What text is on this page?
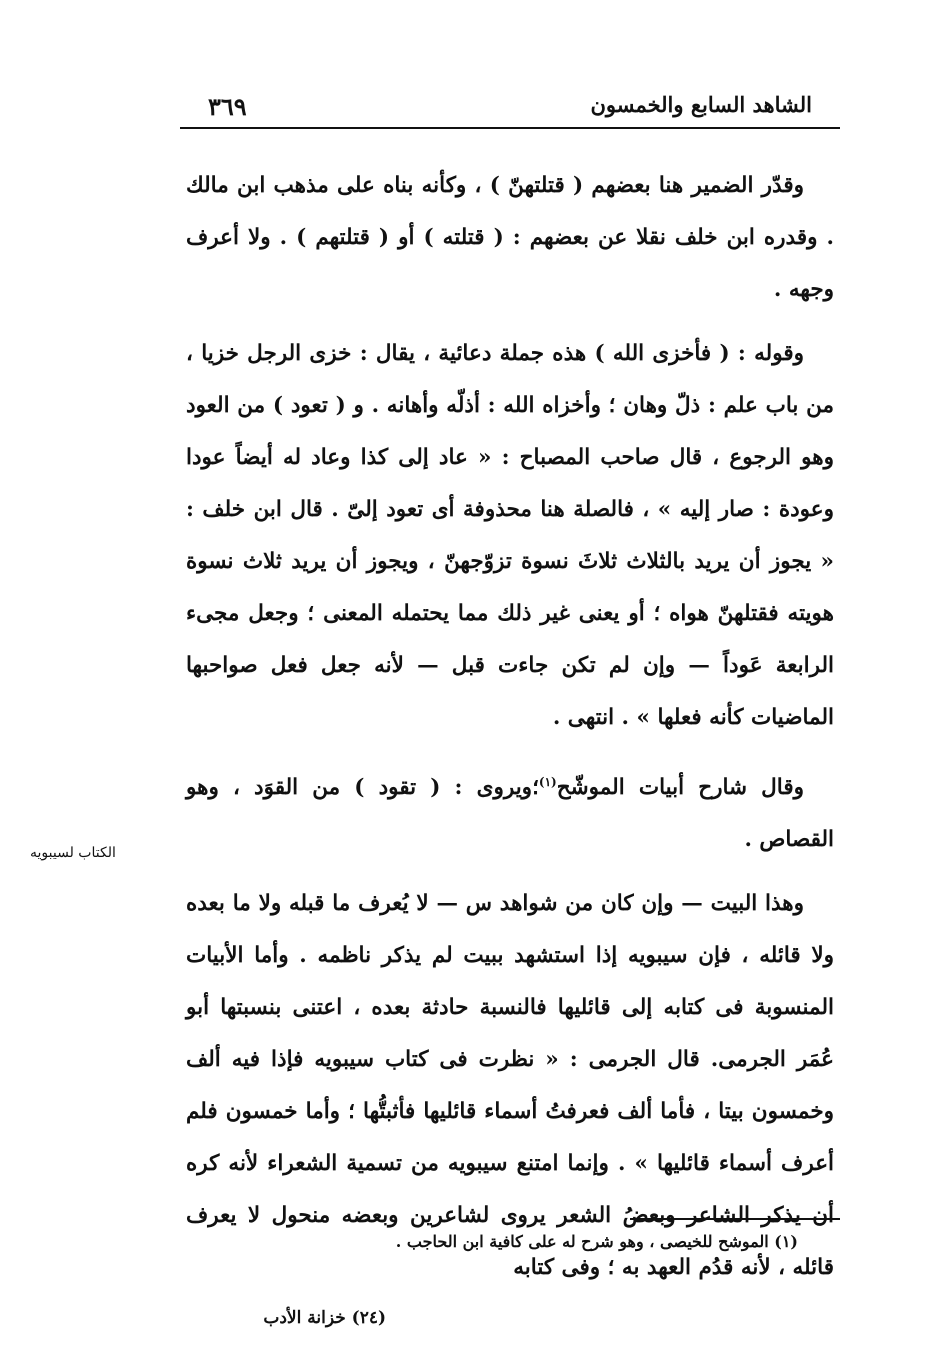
الشاهد السابع والخمسون
٣٦٩

وقدّر الضمير هنا بعضهم ( قتلتهنّ ) ، وكأنه بناه على مذهب ابن مالك . وقدره ابن خلف نقلا عن بعضهم : ( قتلته ) أو ( قتلتهم ) . ولا أعرف وجهه .

وقوله : ( فأخزى الله ) هذه جملة دعائية ، يقال : خزى الرجل خزيا ، من باب علم : ذلّ وهان ؛ وأخزاه الله : أذلّه وأهانه . و ( تعود ) من العود وهو الرجوع ، قال صاحب المصباح : « عاد إلى كذا وعاد له أيضاً عودا وعودة : صار إليه » ، فالصلة هنا محذوفة أى تعود إلىّ . قال ابن خلف : « يجوز أن يريد بالثلاث ثلاثَ نسوة تزوّجهنّ ، ويجوز أن يريد ثلاث نسوة هويته فقتلهنّ هواه ؛ أو يعنى غير ذلك مما يحتمله المعنى ؛ وجعل مجىء الرابعة عَوداً — وإن لم تكن جاءت قبل — لأنه جعل فعل صواحبها الماضيات كأنه فعلها » . انتهى .

وقال شارح أبيات الموشّح$^{(١)}$؛ويروى : ( تقود ) من القوَد ، وهو القصاص .

وهذا البيت — وإن كان من شواهد س — لا يُعرف ما قبله ولا ما بعده ولا قائله ، فإن سيبويه إذا استشهد ببيت لم يذكر ناظمه . وأما الأبيات المنسوبة فى كتابه إلى قائليها فالنسبة حادثة بعده ، اعتنى بنسبتها أبو عُمَر الجرمى. قال الجرمى : « نظرت فى كتاب سيبويه فإذا فيه ألف وخمسون بيتا ، فأما ألف فعرفتُ أسماء قائليها فأثبتُّها ؛ وأما خمسون فلم أعرف أسماء قائليها » . وإنما امتنع سيبويه من تسمية الشعراء لأنه كره أن يذكر الشاعر وبعضُ الشعر يروى لشاعرين وبعضه منحول لا يعرف قائله ، لأنه قدُم العهد به ؛ وفى كتابه

الكتاب لسيبويه
(١) الموشح للخيصى ، وهو شرح له على كافية ابن الحاجب .
(٢٤) خزانة الأدب
